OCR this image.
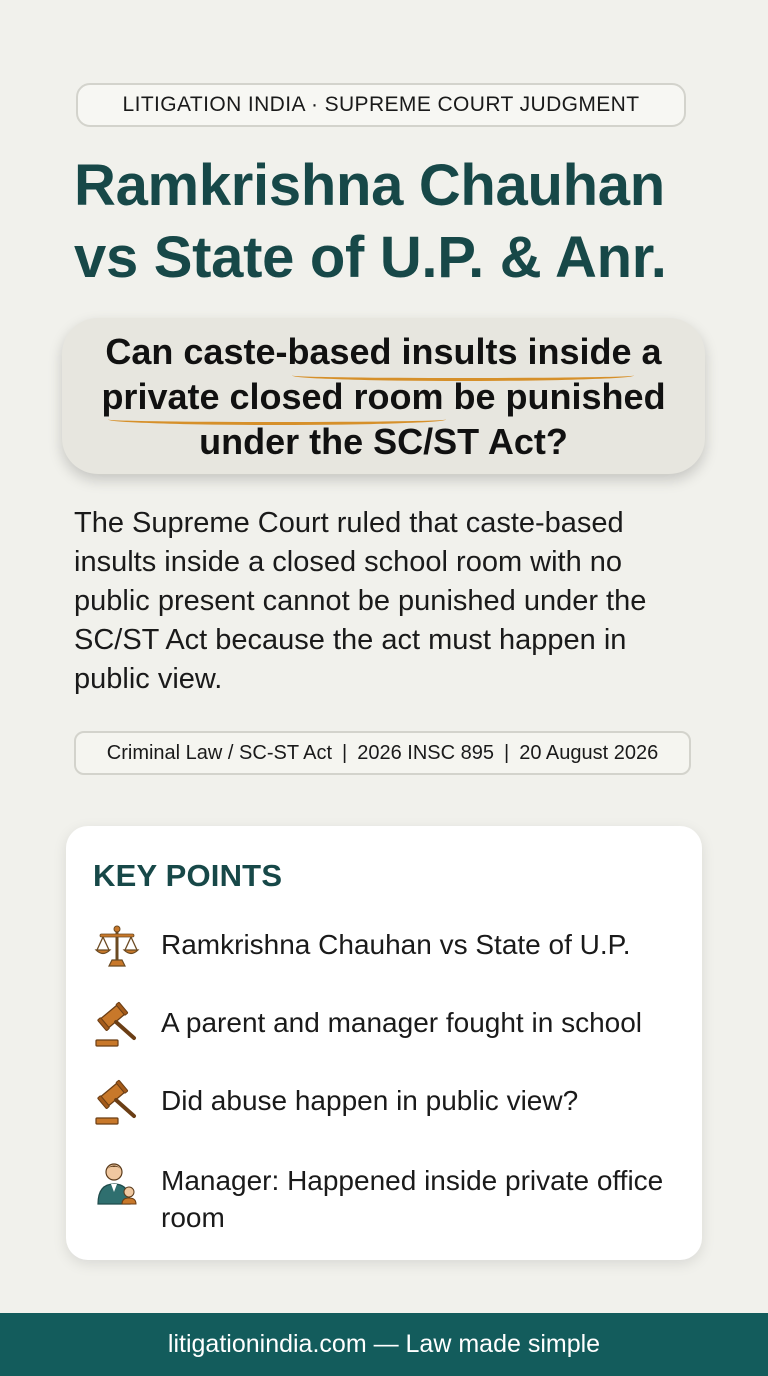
LITIGATION INDIA · SUPREME COURT JUDGMENT
Ramkrishna Chauhan
vs State of U.P. & Anr.
Can caste-based insults inside a
private closed room be punished
under the SC/ST Act?

The Supreme Court ruled that caste-based insults inside a closed school room with no public present cannot be punished under the SC/ST Act because the act must happen in public view.

Criminal Law / SC-ST Act | 2026 INSC 895 | 20 August 2026
KEY POINTS
Ramkrishna Chauhan vs State of U.P.
A parent and manager fought in school
Did abuse happen in public view?
Manager: Happened inside private office room
litigationindia.com — Law made simple
